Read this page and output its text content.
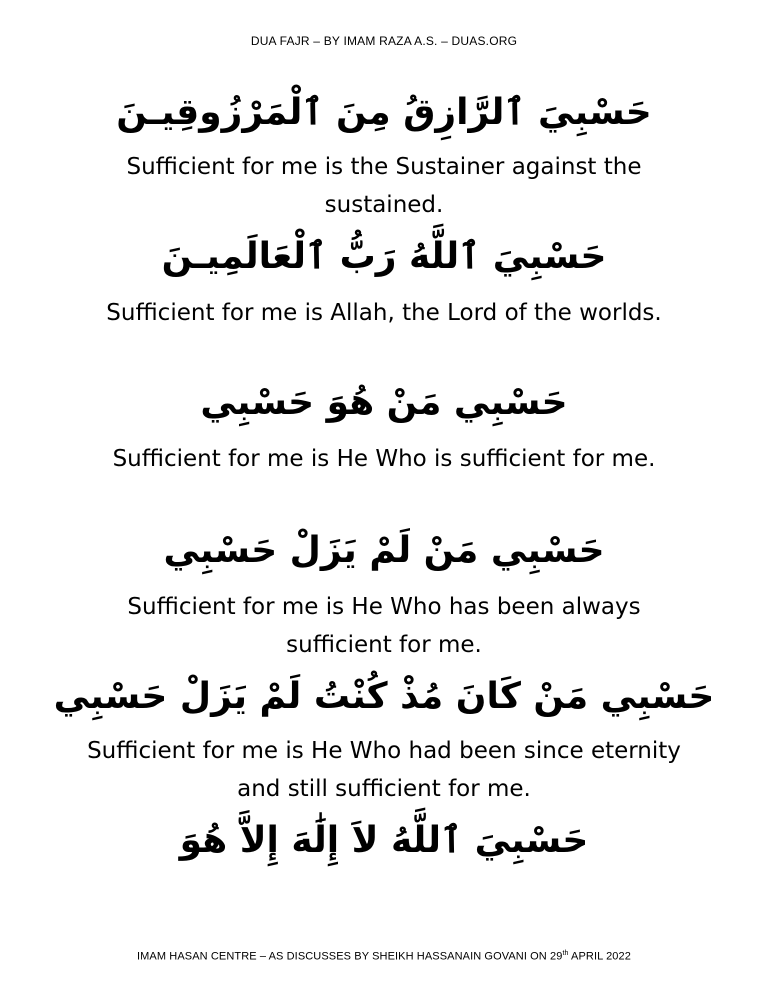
DUA FAJR – BY IMAM RAZA A.S. – DUAS.ORG
حَسْبِيَ ٱلرَّازِقُ مِنَ ٱلْمَرْزُوقِيـنَ
Sufficient for me is the Sustainer against the sustained.
حَسْبِيَ ٱللَّهُ رَبُّ ٱلْعَالَمِيـنَ
Sufficient for me is Allah, the Lord of the worlds.
حَسْبِي مَنْ هُوَ حَسْبِي
Sufficient for me is He Who is sufficient for me.
حَسْبِي مَنْ لَمْ يَزَلْ حَسْبِي
Sufficient for me is He Who has been always sufficient for me.
حَسْبِي مَنْ كَانَ مُذْ كُنْتُ لَمْ يَزَلْ حَسْبِي
Sufficient for me is He Who had been since eternity and still sufficient for me.
حَسْبِيَ ٱللَّهُ لاَ إِلَٰهَ إِلاَّ هُوَ
IMAM HASAN CENTRE – AS DISCUSSES BY SHEIKH HASSANAIN GOVANI ON 29th APRIL 2022
